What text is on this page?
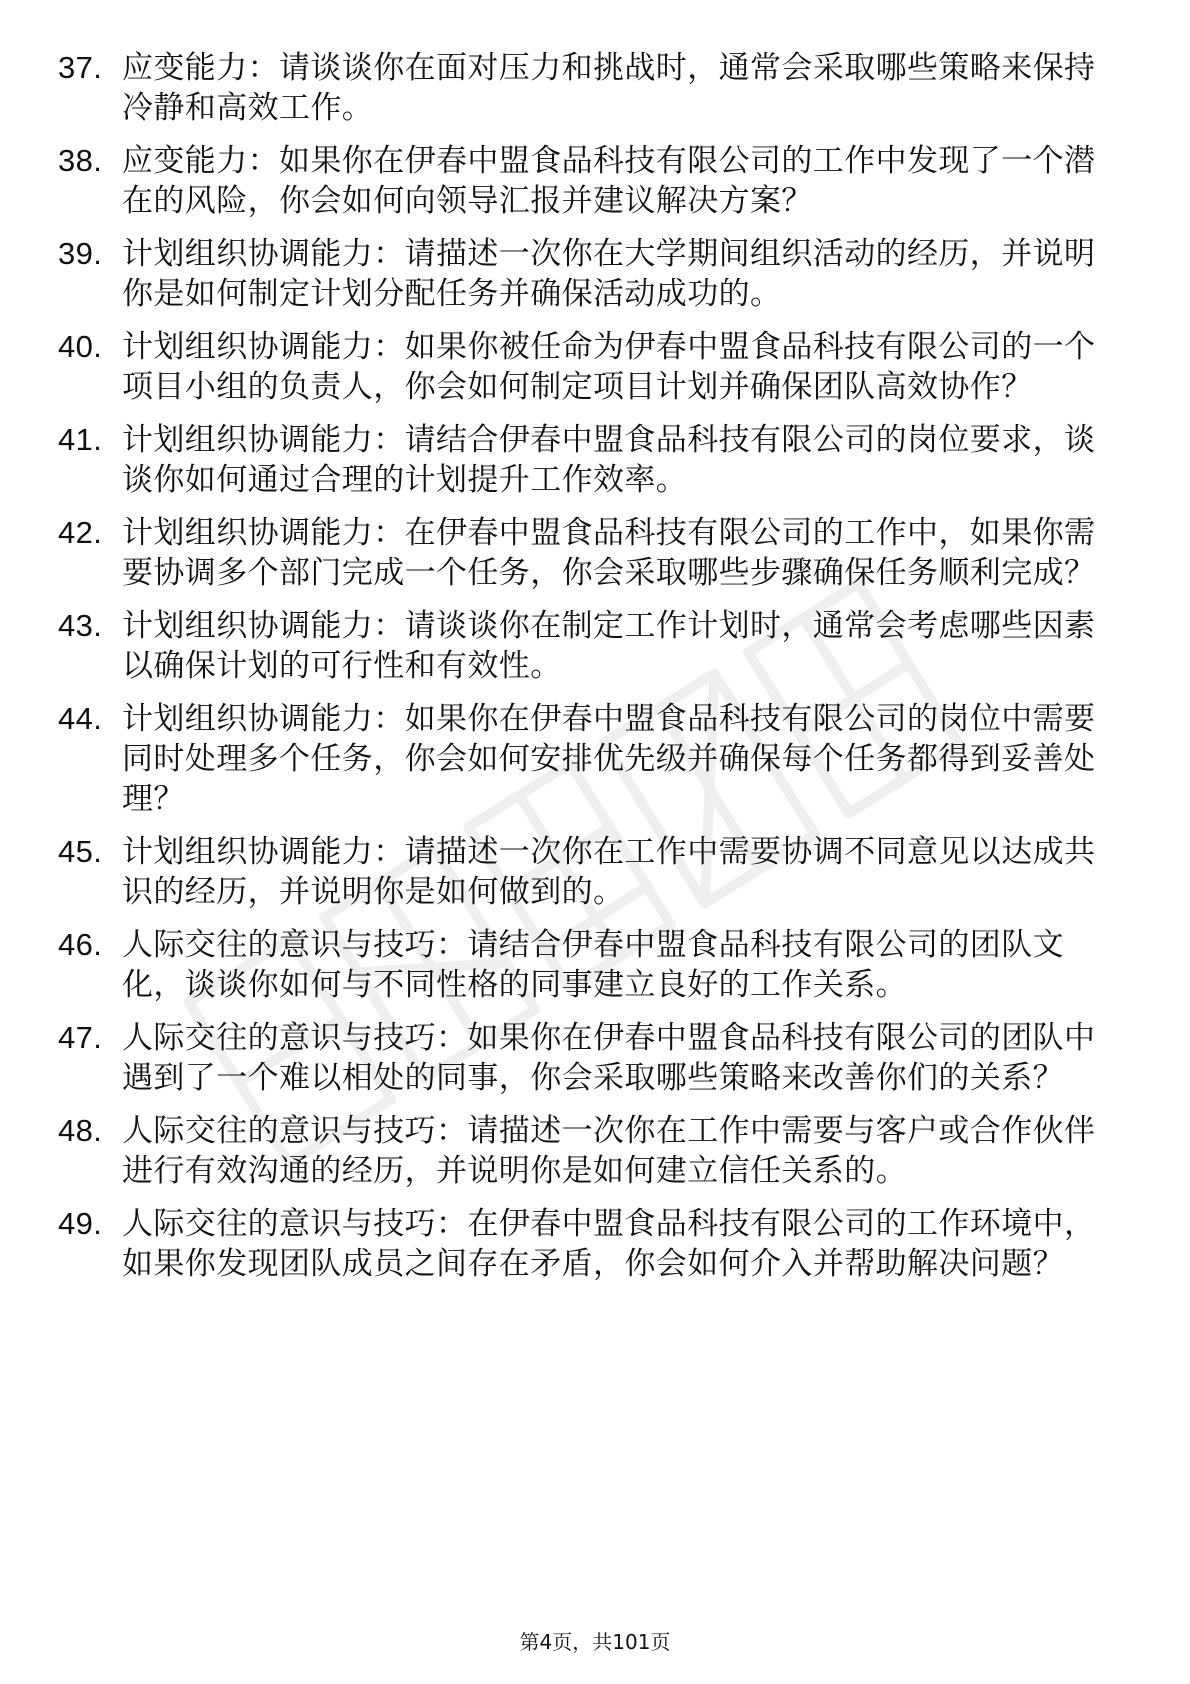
37. 应变能力：请谈谈你在面对压力和挑战时，通常会采取哪些策略来保持冷静和高效工作。
38. 应变能力：如果你在伊春中盟食品科技有限公司的工作中发现了一个潜在的风险，你会如何向领导汇报并建议解决方案？
39. 计划组织协调能力：请描述一次你在大学期间组织活动的经历，并说明你是如何制定计划分配任务并确保活动成功的。
40. 计划组织协调能力：如果你被任命为伊春中盟食品科技有限公司的一个项目小组的负责人，你会如何制定项目计划并确保团队高效协作？
41. 计划组织协调能力：请结合伊春中盟食品科技有限公司的岗位要求，谈谈你如何通过合理的计划提升工作效率。
42. 计划组织协调能力：在伊春中盟食品科技有限公司的工作中，如果你需要协调多个部门完成一个任务，你会采取哪些步骤确保任务顺利完成？
43. 计划组织协调能力：请谈谈你在制定工作计划时，通常会考虑哪些因素以确保计划的可行性和有效性。
44. 计划组织协调能力：如果你在伊春中盟食品科技有限公司的岗位中需要同时处理多个任务，你会如何安排优先级并确保每个任务都得到妥善处理？
45. 计划组织协调能力：请描述一次你在工作中需要协调不同意见以达成共识的经历，并说明你是如何做到的。
46. 人际交往的意识与技巧：请结合伊春中盟食品科技有限公司的团队文化，谈谈你如何与不同性格的同事建立良好的工作关系。
47. 人际交往的意识与技巧：如果你在伊春中盟食品科技有限公司的团队中遇到了一个难以相处的同事，你会采取哪些策略来改善你们的关系？
48. 人际交往的意识与技巧：请描述一次你在工作中需要与客户或合作伙伴进行有效沟通的经历，并说明你是如何建立信任关系的。
49. 人际交往的意识与技巧：在伊春中盟食品科技有限公司的工作环境中，如果你发现团队成员之间存在矛盾，你会如何介入并帮助解决问题？
第4页，共101页
